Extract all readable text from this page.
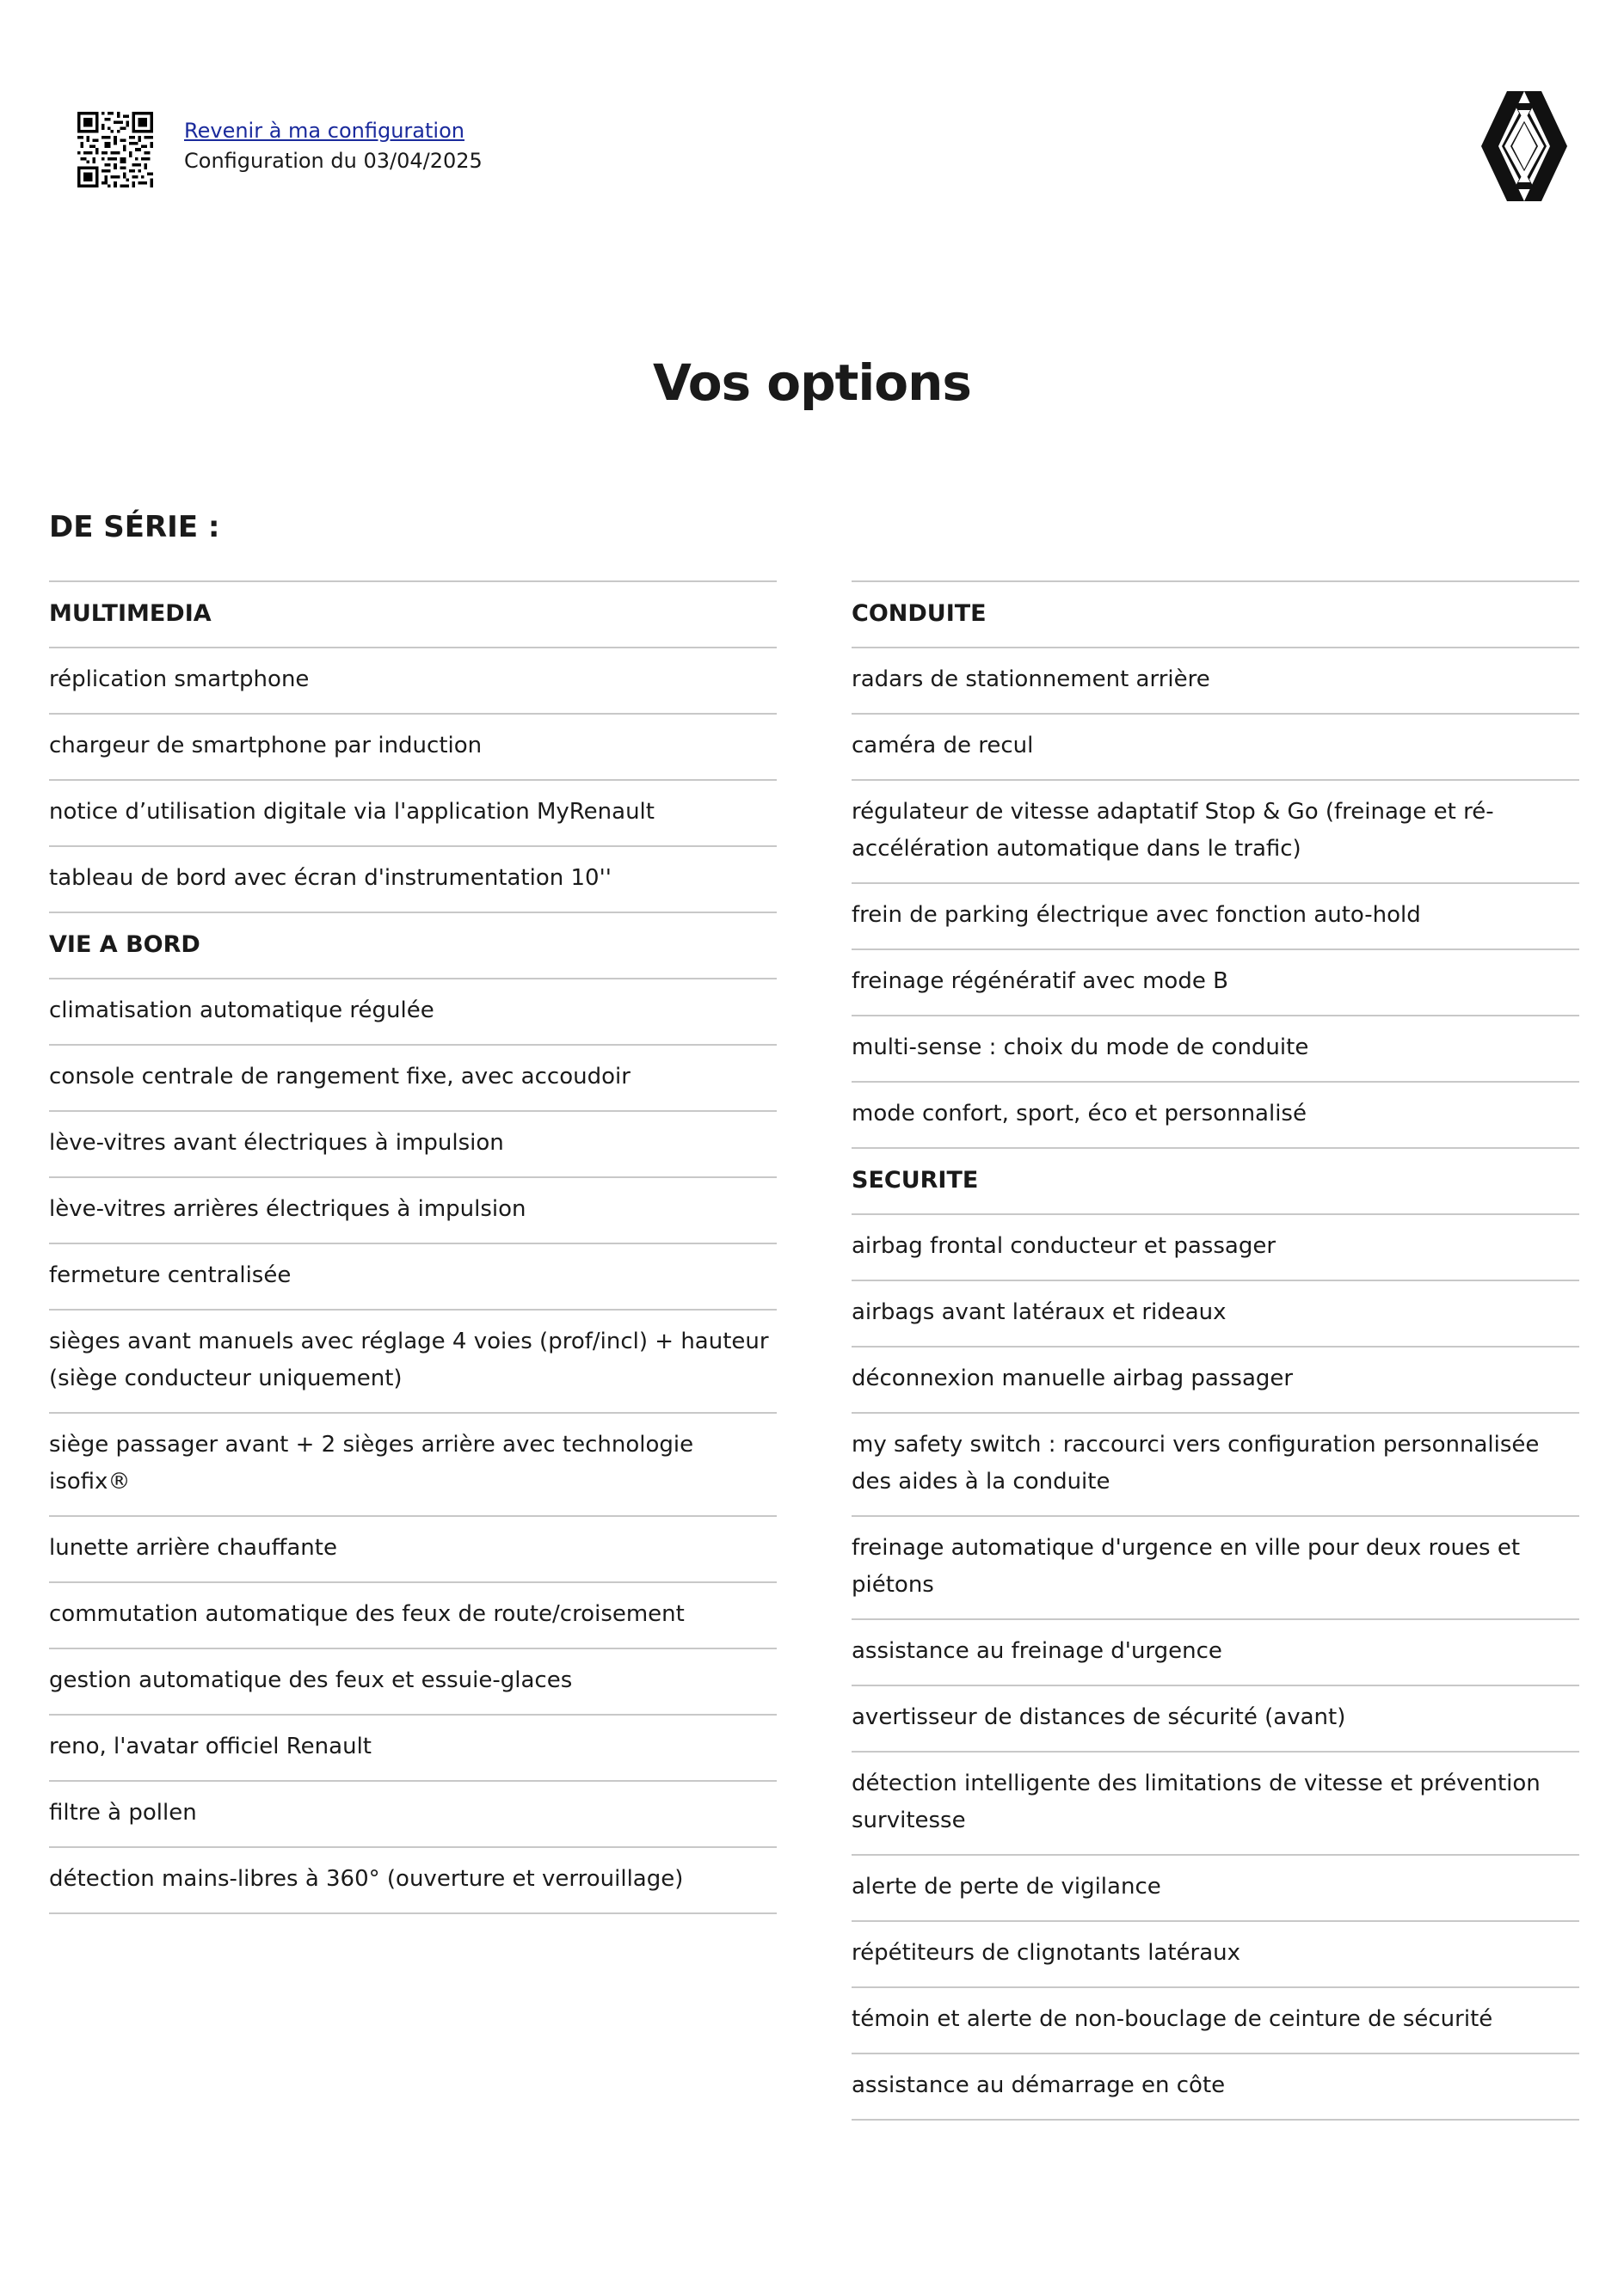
Revenir à ma configuration
Configuration du 03/04/2025
Vos options
DE SÉRIE :
MULTIMEDIA
réplication smartphone
chargeur de smartphone par induction
notice d’utilisation digitale via l'application MyRenault
tableau de bord avec écran d'instrumentation 10''
VIE A BORD
climatisation automatique régulée
console centrale de rangement fixe, avec accoudoir
lève-vitres avant électriques à impulsion
lève-vitres arrières électriques à impulsion
fermeture centralisée
sièges avant manuels avec réglage 4 voies (prof/incl) + hauteur (siège conducteur uniquement)
siège passager avant + 2 sièges arrière avec technologie isofix®
lunette arrière chauffante
commutation automatique des feux de route/croisement
gestion automatique des feux et essuie-glaces
reno, l'avatar officiel Renault
filtre à pollen
détection mains-libres à 360° (ouverture et verrouillage)
CONDUITE
radars de stationnement arrière
caméra de recul
régulateur de vitesse adaptatif Stop & Go (freinage et ré-accélération automatique dans le trafic)
frein de parking électrique avec fonction auto-hold
freinage régénératif avec mode B
multi-sense : choix du mode de conduite
mode confort, sport, éco et personnalisé
SECURITE
airbag frontal conducteur et passager
airbags avant latéraux et rideaux
déconnexion manuelle airbag passager
my safety switch : raccourci vers configuration personnalisée des aides à la conduite
freinage automatique d'urgence en ville pour deux roues et piétons
assistance au freinage d'urgence
avertisseur de distances de sécurité (avant)
détection intelligente des limitations de vitesse et prévention survitesse
alerte de perte de vigilance
répétiteurs de clignotants latéraux
témoin et alerte de non-bouclage de ceinture de sécurité
assistance au démarrage en côte
